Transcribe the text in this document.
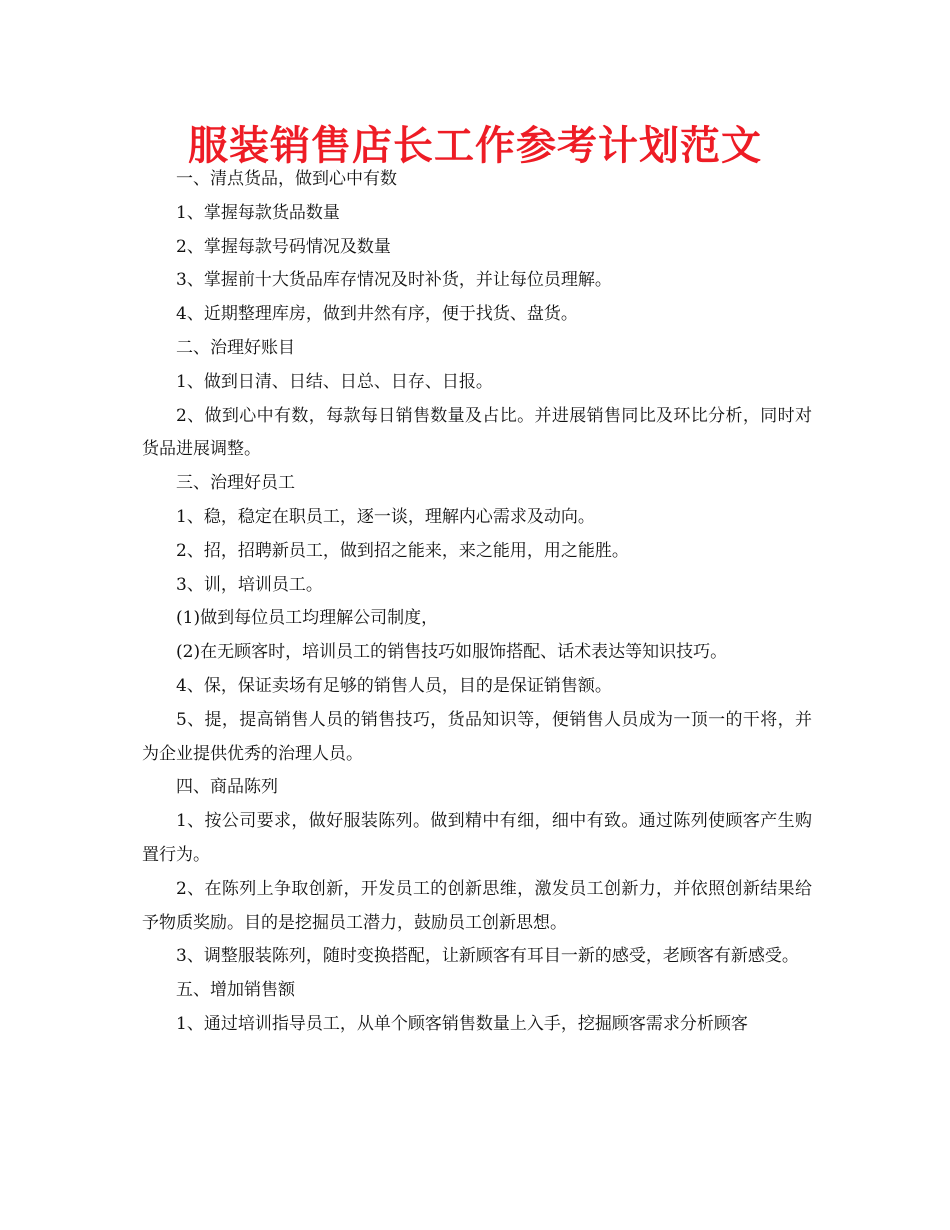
服装销售店长工作参考计划范文

一、清点货品，做到心中有数

1、掌握每款货品数量

2、掌握每款号码情况及数量

3、掌握前十大货品库存情况及时补货，并让每位员理解。

4、近期整理库房，做到井然有序，便于找货、盘货。

二、治理好账目

1、做到日清、日结、日总、日存、日报。

2、做到心中有数，每款每日销售数量及占比。并进展销售同比及环比分析，同时对货品进展调整。

三、治理好员工

1、稳，稳定在职员工，逐一谈，理解内心需求及动向。

2、招，招聘新员工，做到招之能来，来之能用，用之能胜。

3、训，培训员工。

(1)做到每位员工均理解公司制度，

(2)在无顾客时，培训员工的销售技巧如服饰搭配、话术表达等知识技巧。

4、保，保证卖场有足够的销售人员，目的是保证销售额。

5、提，提高销售人员的销售技巧，货品知识等，便销售人员成为一顶一的干将，并为企业提供优秀的治理人员。

四、商品陈列

1、按公司要求，做好服装陈列。做到精中有细，细中有致。通过陈列使顾客产生购置行为。

2、在陈列上争取创新，开发员工的创新思维，激发员工创新力，并依照创新结果给予物质奖励。目的是挖掘员工潜力，鼓励员工创新思想。

3、调整服装陈列，随时变换搭配，让新顾客有耳目一新的感受，老顾客有新感受。

五、增加销售额

1、通过培训指导员工，从单个顾客销售数量上入手，挖掘顾客需求分析顾客
